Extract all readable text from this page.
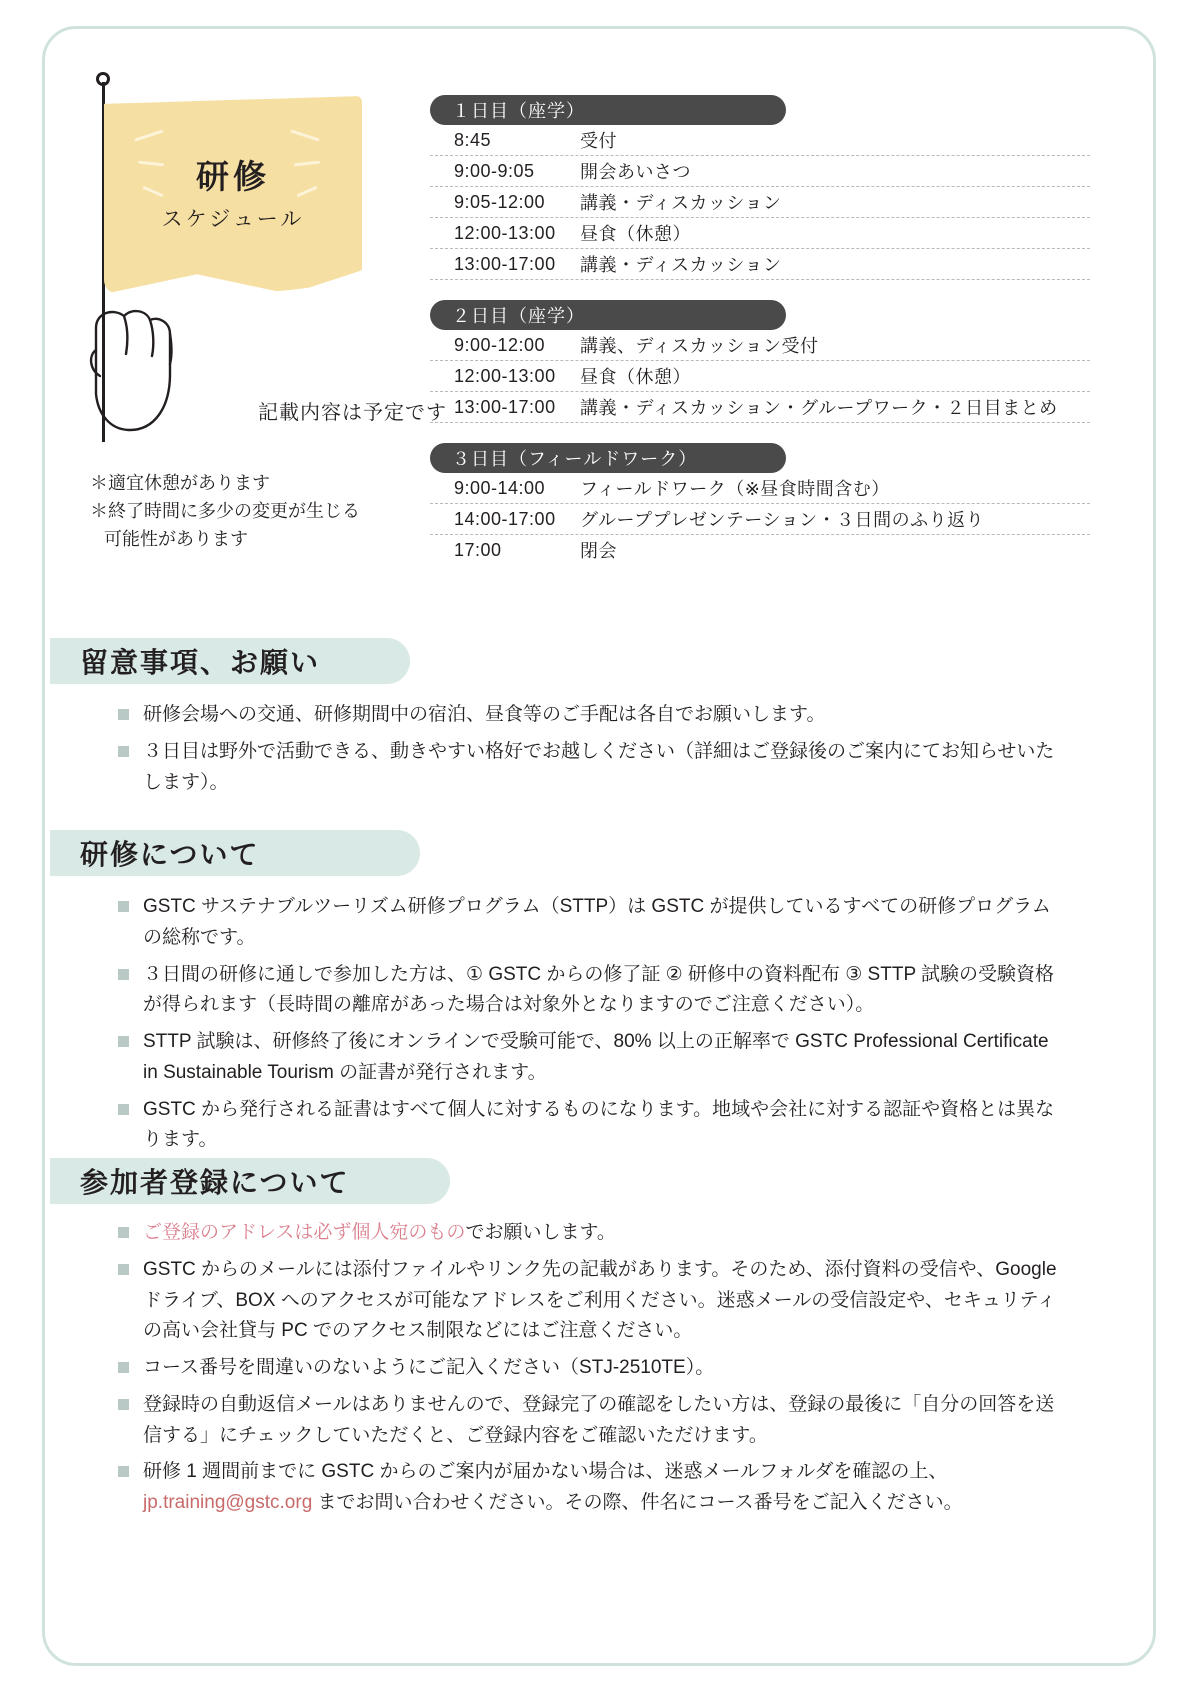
研修
スケジュール
記載内容は予定です
＊適宜休憩があります
＊終了時間に多少の変更が生じる
可能性があります
１日目（座学）
8:45	受付
9:00-9:05	開会あいさつ
9:05-12:00	講義・ディスカッション
12:00-13:00	昼食（休憩）
13:00-17:00	講義・ディスカッション
２日目（座学）
9:00-12:00	講義、ディスカッション受付
12:00-13:00	昼食（休憩）
13:00-17:00	講義・ディスカッション・グループワーク・２日目まとめ
３日目（フィールドワーク）
9:00-14:00	フィールドワーク（※昼食時間含む）
14:00-17:00	グループプレゼンテーション・３日間のふり返り
17:00	閉会
留意事項、お願い
研修会場への交通、研修期間中の宿泊、昼食等のご手配は各自でお願いします。
３日目は野外で活動できる、動きやすい格好でお越しください（詳細はご登録後のご案内にてお知らせいたします）。
研修について
GSTC サステナブルツーリズム研修プログラム（STTP）は GSTC が提供しているすべての研修プログラムの総称です。
３日間の研修に通しで参加した方は、① GSTC からの修了証 ② 研修中の資料配布 ③ STTP 試験の受験資格 が得られます（長時間の離席があった場合は対象外となりますのでご注意ください）。
STTP 試験は、研修終了後にオンラインで受験可能で、80% 以上の正解率で GSTC Professional Certificate in Sustainable Tourism の証書が発行されます。
GSTC から発行される証書はすべて個人に対するものになります。地域や会社に対する認証や資格とは異なります。
参加者登録について
ご登録のアドレスは必ず個人宛のものでお願いします。
GSTC からのメールには添付ファイルやリンク先の記載があります。そのため、添付資料の受信や、Google ドライブ、BOX へのアクセスが可能なアドレスをご利用ください。迷惑メールの受信設定や、セキュリティの高い会社貸与 PC でのアクセス制限などにはご注意ください。
コース番号を間違いのないようにご記入ください（STJ-2510TE）。
登録時の自動返信メールはありませんので、登録完了の確認をしたい方は、登録の最後に「自分の回答を送信する」にチェックしていただくと、ご登録内容をご確認いただけます。
研修 1 週間前までに GSTC からのご案内が届かない場合は、迷惑メールフォルダを確認の上、jp.training@gstc.org までお問い合わせください。その際、件名にコース番号をご記入ください。
